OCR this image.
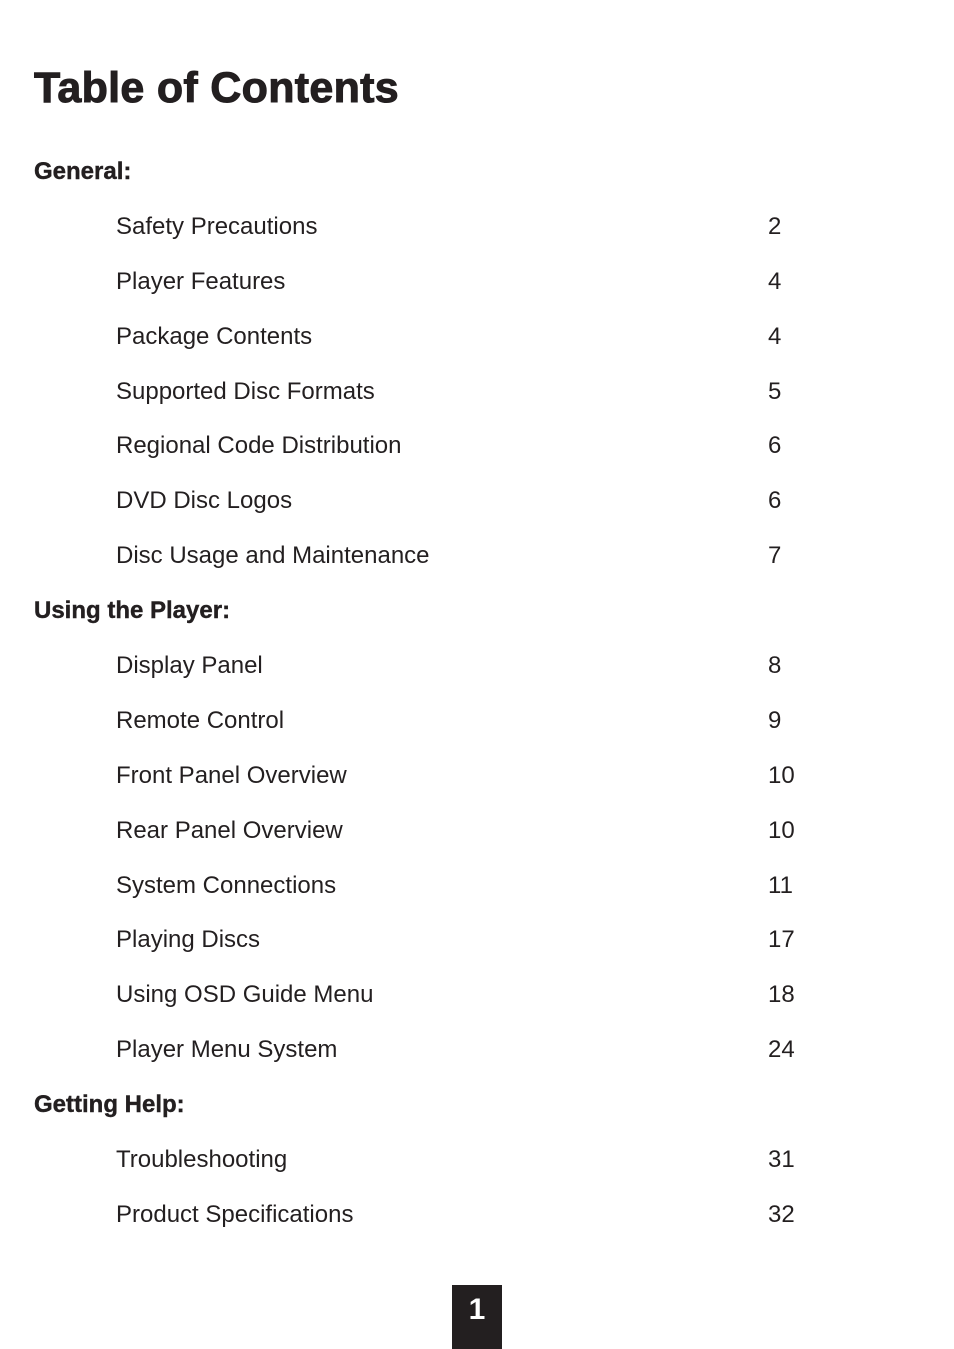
Table of Contents
General:
Safety Precautions	2
Player Features	4
Package Contents	4
Supported Disc Formats	5
Regional Code Distribution	6
DVD Disc Logos	6
Disc Usage and Maintenance	7
Using the Player:
Display Panel	8
Remote Control	9
Front Panel Overview	10
Rear Panel Overview	10
System Connections	11
Playing Discs	17
Using OSD Guide Menu	18
Player Menu System	24
Getting Help:
Troubleshooting	31
Product Specifications	32
1
